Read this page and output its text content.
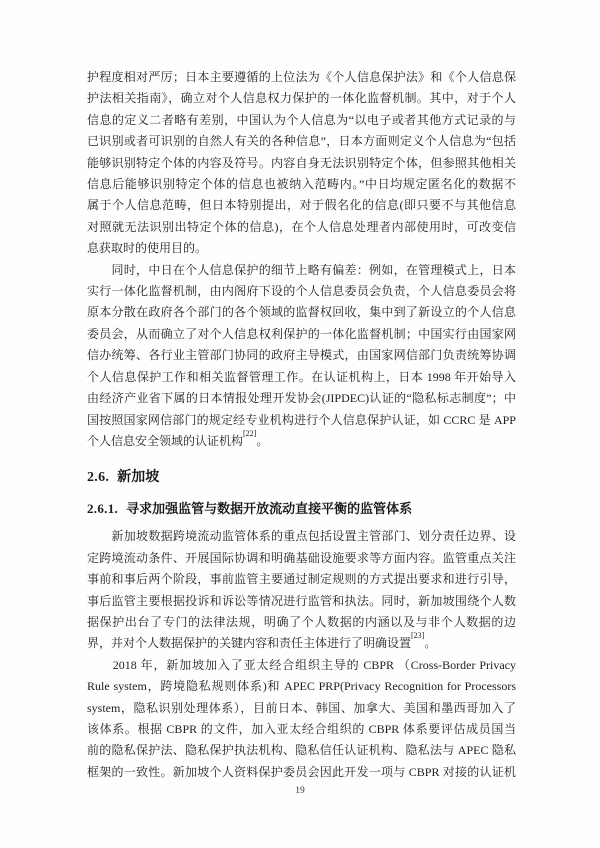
护程度相对严厉；日本主要遵循的上位法为《个人信息保护法》和《个人信息保
护法相关指南》，确立对个人信息权力保护的一体化监督机制。其中，对于个人
信息的定义二者略有差别，中国认为个人信息为“以电子或者其他方式记录的与
已识别或者可识别的自然人有关的各种信息”，日本方面则定义个人信息为“包括
能够识别特定个体的内容及符号。内容自身无法识别特定个体，但参照其他相关
信息后能够识别特定个体的信息也被纳入范畴内。”中日均规定匿名化的数据不
属于个人信息范畴，但日本特别提出，对于假名化的信息(即只要不与其他信息
对照就无法识别出特定个体的信息)，在个人信息处理者内部使用时，可改变信
息获取时的使用目的。
　　同时，中日在个人信息保护的细节上略有偏差：例如，在管理模式上，日本
实行一体化监督机制，由内阁府下设的个人信息委员会负责，个人信息委员会将
原本分散在政府各个部门的各个领域的监督权回收，集中到了新设立的个人信息
委员会，从而确立了对个人信息权利保护的一体化监督机制；中国实行由国家网
信办统筹、各行业主管部门协同的政府主导模式，由国家网信部门负责统筹协调
个人信息保护工作和相关监督管理工作。在认证机构上，日本 1998 年开始导入
由经济产业省下属的日本情报处理开发协会(JIPDEC)认证的“隐私标志制度”；中
国按照国家网信部门的规定经专业机构进行个人信息保护认证，如 CCRC 是 APP
个人信息安全领域的认证机构[22]。
2.6. 新加坡
2.6.1. 寻求加强监管与数据开放流动直接平衡的监管体系
　　新加坡数据跨境流动监管体系的重点包括设置主管部门、划分责任边界、设
定跨境流动条件、开展国际协调和明确基础设施要求等方面内容。监管重点关注
事前和事后两个阶段，事前监管主要通过制定规则的方式提出要求和进行引导，
事后监管主要根据投诉和诉讼等情况进行监管和执法。同时，新加坡围绕个人数
据保护出台了专门的法律法规，明确了个人数据的内涵以及与非个人数据的边
界，并对个人数据保护的关键内容和责任主体进行了明确设置[23]。
　　2018 年，新加坡加入了亚太经合组织主导的 CBPR （Cross-Border Privacy
Rule system，跨境隐私规则体系)和 APEC PRP(Privacy Recognition for Processors
system，隐私识别处理体系），目前日本、韩国、加拿大、美国和墨西哥加入了
该体系。根据 CBPR 的文件，加入亚太经合组织的 CBPR 体系要评估成员国当
前的隐私保护法、隐私保护执法机构、隐私信任认证机构、隐私法与 APEC 隐私
框架的一致性。新加坡个人资料保护委员会因此开发一项与 CBPR 对接的认证机
19
